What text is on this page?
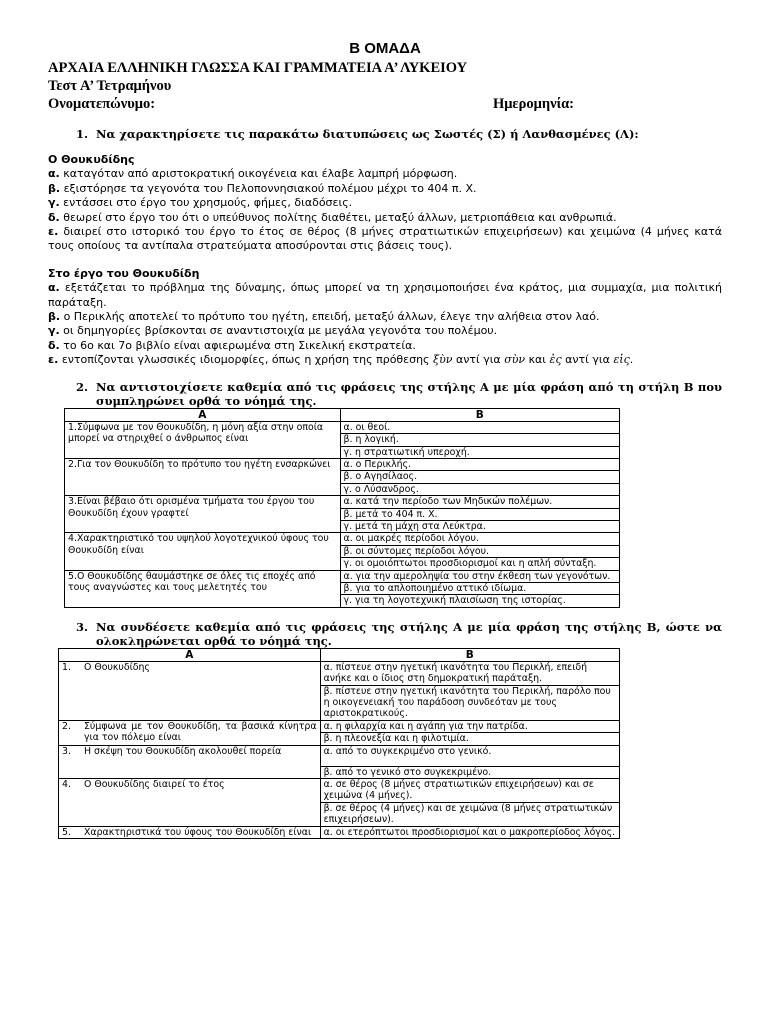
Β ΟΜΑΔΑ
ΑΡΧΑΙΑ ΕΛΛΗΝΙΚΗ ΓΛΩΣΣΑ ΚΑΙ ΓΡΑΜΜΑΤΕΙΑ Α’ ΛΥΚΕΙΟΥ
Τεστ Α’ Τετραμήνου
Ονοματεπώνυμο:	Ημερομηνία:
1. Να χαρακτηρίσετε τις παρακάτω διατυπώσεις ως Σωστές (Σ) ή Λανθασμένες (Λ):
Ο Θουκυδίδης
α. καταγόταν από αριστοκρατική οικογένεια και έλαβε λαμπρή μόρφωση.
β. εξιστόρησε τα γεγονότα του Πελοποννησιακού πολέμου μέχρι το 404 π. Χ.
γ. εντάσσει στο έργο του χρησμούς, φήμες, διαδόσεις.
δ. θεωρεί στο έργο του ότι ο υπεύθυνος πολίτης διαθέτει, μεταξύ άλλων, μετριοπάθεια και ανθρωπιά.
ε. διαιρεί στο ιστορικό του έργο το έτος σε θέρος (8 μήνες στρατιωτικών επιχειρήσεων) και χειμώνα (4 μήνες κατά τους οποίους τα αντίπαλα στρατεύματα αποσύρονται στις βάσεις τους).
Στο έργο του Θουκυδίδη
α. εξετάζεται το πρόβλημα της δύναμης, όπως μπορεί να τη χρησιμοποιήσει ένα κράτος, μια συμμαχία, μια πολιτική παράταξη.
β. ο Περικλής αποτελεί το πρότυπο του ηγέτη, επειδή, μεταξύ άλλων, έλεγε την αλήθεια στον λαό.
γ. οι δημηγορίες βρίσκονται σε αναντιστοιχία με μεγάλα γεγονότα του πολέμου.
δ. το 6ο και 7ο βιβλίο είναι αφιερωμένα στη Σικελική εκστρατεία.
ε. εντοπίζονται γλωσσικές ιδιομορφίες, όπως η χρήση της πρόθεσης ξὺν αντί για σὺν και ἐς αντί για εἰς.
2. Να αντιστοιχίσετε καθεμία από τις φράσεις της στήλης Α με μία φράση από τη στήλη Β που συμπληρώνει ορθά το νόημά της.
Α	Β
1.Σύμφωνα με τον Θουκυδίδη, η μόνη αξία στην οποία μπορεί να στηριχθεί ο άνθρωπος είναι	α. οι θεοί.
	β. η λογική.
	γ. η στρατιωτική υπεροχή.
2.Για τον Θουκυδίδη το πρότυπο του ηγέτη ενσαρκώνει	α. ο Περικλής.
	β. ο Αγησίλαος.
	γ. ο Λύσανδρος.
3.Είναι βέβαιο ότι ορισμένα τμήματα του έργου του Θουκυδίδη έχουν γραφτεί	α. κατά την περίοδο των Μηδικών πολέμων.
	β. μετά το 404 π. Χ.
	γ. μετά τη μάχη στα Λεύκτρα.
4.Χαρακτηριστικό του υψηλού λογοτεχνικού ύφους του Θουκυδίδη είναι	α. οι μακρές περίοδοι λόγου.
	β. οι σύντομες περίοδοι λόγου.
	γ. οι ομοιόπτωτοι προσδιορισμοί και η απλή σύνταξη.
5.Ο Θουκυδίδης θαυμάστηκε σε όλες τις εποχές από τους αναγνώστες και τους μελετητές του	α. για την αμεροληψία του στην έκθεση των γεγονότων.
	β. για το απλοποιημένο αττικό ιδίωμα.
	γ. για τη λογοτεχνική πλαισίωση της ιστορίας.
3. Να συνδέσετε καθεμία από τις φράσεις της στήλης Α με μία φράση της στήλης Β, ώστε να ολοκληρώνεται ορθά το νόημά της.
Α	Β

1. Ο Θουκυδίδης	α. πίστευε στην ηγετική ικανότητα του Περικλή, επειδή ανήκε και ο ίδιος στη δημοκρατική παράταξη.
	β. πίστευε στην ηγετική ικανότητα του Περικλή, παρόλο που η οικογενειακή του παράδοση συνδεόταν με τους αριστοκρατικούς.

2. Σύμφωνα με τον Θουκυδίδη, τα βασικά κίνητρα για τον πόλεμο είναι	α. η φιλαρχία και η αγάπη για την πατρίδα.
	β. η πλεονεξία και η φιλοτιμία.

3. Η σκέψη του Θουκυδίδη ακολουθεί πορεία	α. από το συγκεκριμένο στο γενικό.
	β. από το γενικό στο συγκεκριμένο.

4. Ο Θουκυδίδης διαιρεί το έτος	α. σε θέρος (8 μήνες στρατιωτικών επιχειρήσεων) και σε χειμώνα (4 μήνες).
	β. σε θέρος (4 μήνες) και σε χειμώνα (8 μήνες στρατιωτικών επιχειρήσεων).

5. Χαρακτηριστικά του ύφους του Θουκυδίδη είναι	α. οι ετερόπτωτοι προσδιορισμοί και ο μακροπερίοδος λόγος.
